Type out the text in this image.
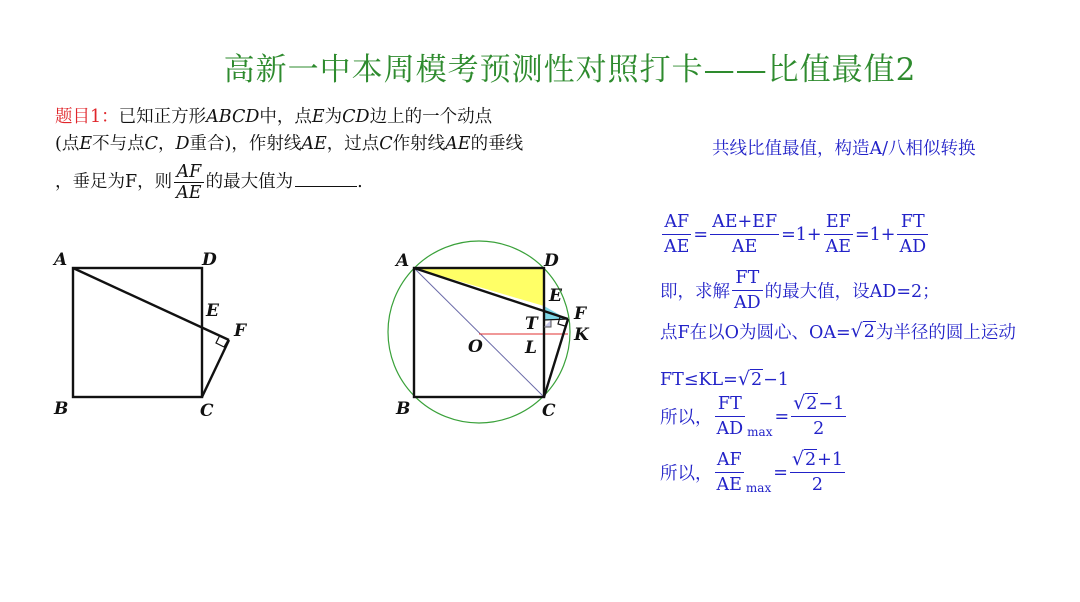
高新一中本周模考预测性对照打卡——比值最值2
题目1：已知正方形ABCD中，点E为CD边上的一个动点
(点E不与点C，D重合)，作射线AE，过点C作射线AE的垂线
，垂足为F，则 $\frac{AF}{AE}$ 的最大值为	.
A	D
E
F
B	C
A	D
E
F
T
K
O L
B	C
共线比值最值，构造A/八相似转换
$\frac{AF}{AE} = \frac{AE+EF}{AE} =1+ \frac{EF}{AE} =1+ \frac{FT}{AD}$
即，求解 $\frac{FT}{AD}$ 的最大值，设AD=2；
点F在以O为圆心、OA= √ 2 为半径的圆上运动
FT≤KL= √ 2 −1
所以， $\frac{FT}{AD}$ max
= $\frac{√ 2 -1}{2}$
所以， $\frac{AF}{AE}$ max
= $\frac{√ 2 +1}{2}$
